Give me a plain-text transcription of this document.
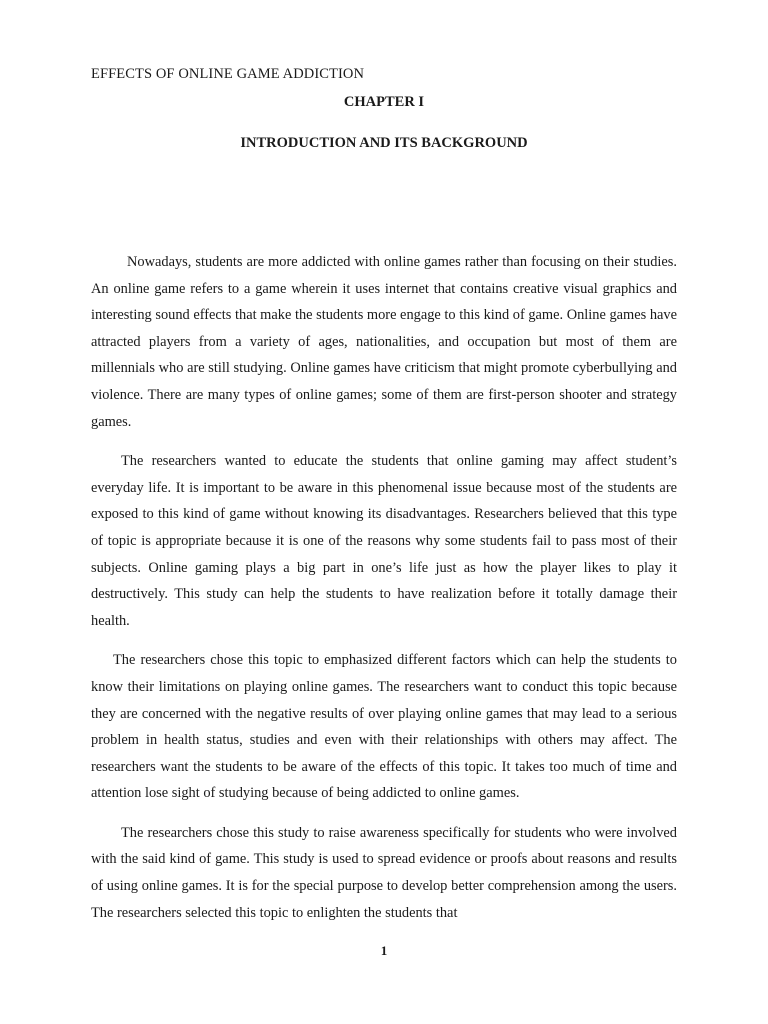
EFFECTS OF ONLINE GAME ADDICTION
CHAPTER I
INTRODUCTION AND ITS BACKGROUND

Nowadays, students are more addicted with online games rather than focusing on their studies. An online game refers to a game wherein it uses internet that contains creative visual graphics and interesting sound effects that make the students more engage to this kind of game. Online games have attracted players from a variety of ages, nationalities, and occupation but most of them are millennials who are still studying. Online games have criticism that might promote cyberbullying and violence. There are many types of online games; some of them are first-person shooter and strategy games.

The researchers wanted to educate the students that online gaming may affect student’s everyday life. It is important to be aware in this phenomenal issue because most of the students are exposed to this kind of game without knowing its disadvantages. Researchers believed that this type of topic is appropriate because it is one of the reasons why some students fail to pass most of their subjects. Online gaming plays a big part in one’s life just as how the player likes to play it destructively. This study can help the students to have realization before it totally damage their health.

The researchers chose this topic to emphasized different factors which can help the students to know their limitations on playing online games. The researchers want to conduct this topic because they are concerned with the negative results of over playing online games that may lead to a serious problem in health status, studies and even with their relationships with others may affect. The researchers want the students to be aware of the effects of this topic. It takes too much of time and attention lose sight of studying because of being addicted to online games.

The researchers chose this study to raise awareness specifically for students who were involved with the said kind of game. This study is used to spread evidence or proofs about reasons and results of using online games. It is for the special purpose to develop better comprehension among the users. The researchers selected this topic to enlighten the students that

1
